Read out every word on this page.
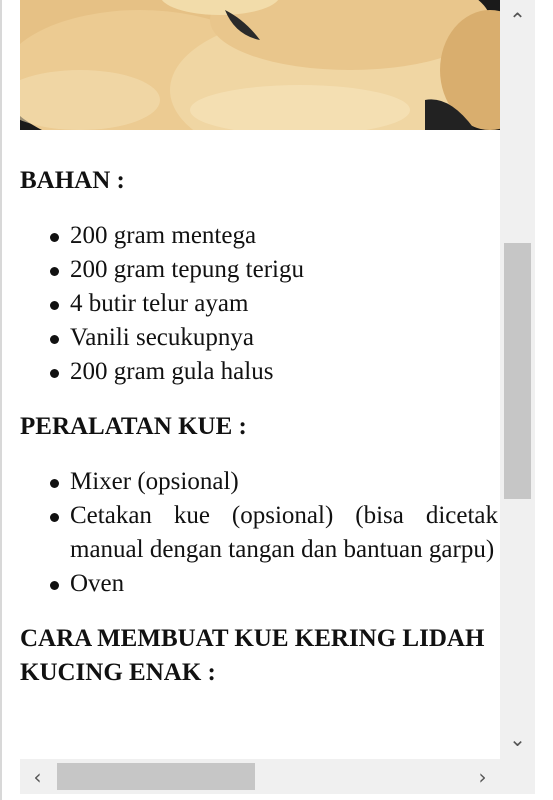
BAHAN :
200 gram mentega
200 gram tepung terigu
4 butir telur ayam
Vanili secukupnya
200 gram gula halus
PERALATAN KUE :
Mixer (opsional)
Cetakan kue (opsional) (bisa dicetak manual dengan tangan dan bantuan garpu)
Oven
CARA MEMBUAT KUE KERING LIDAH KUCING ENAK :
⌃
⌄
‹	›
